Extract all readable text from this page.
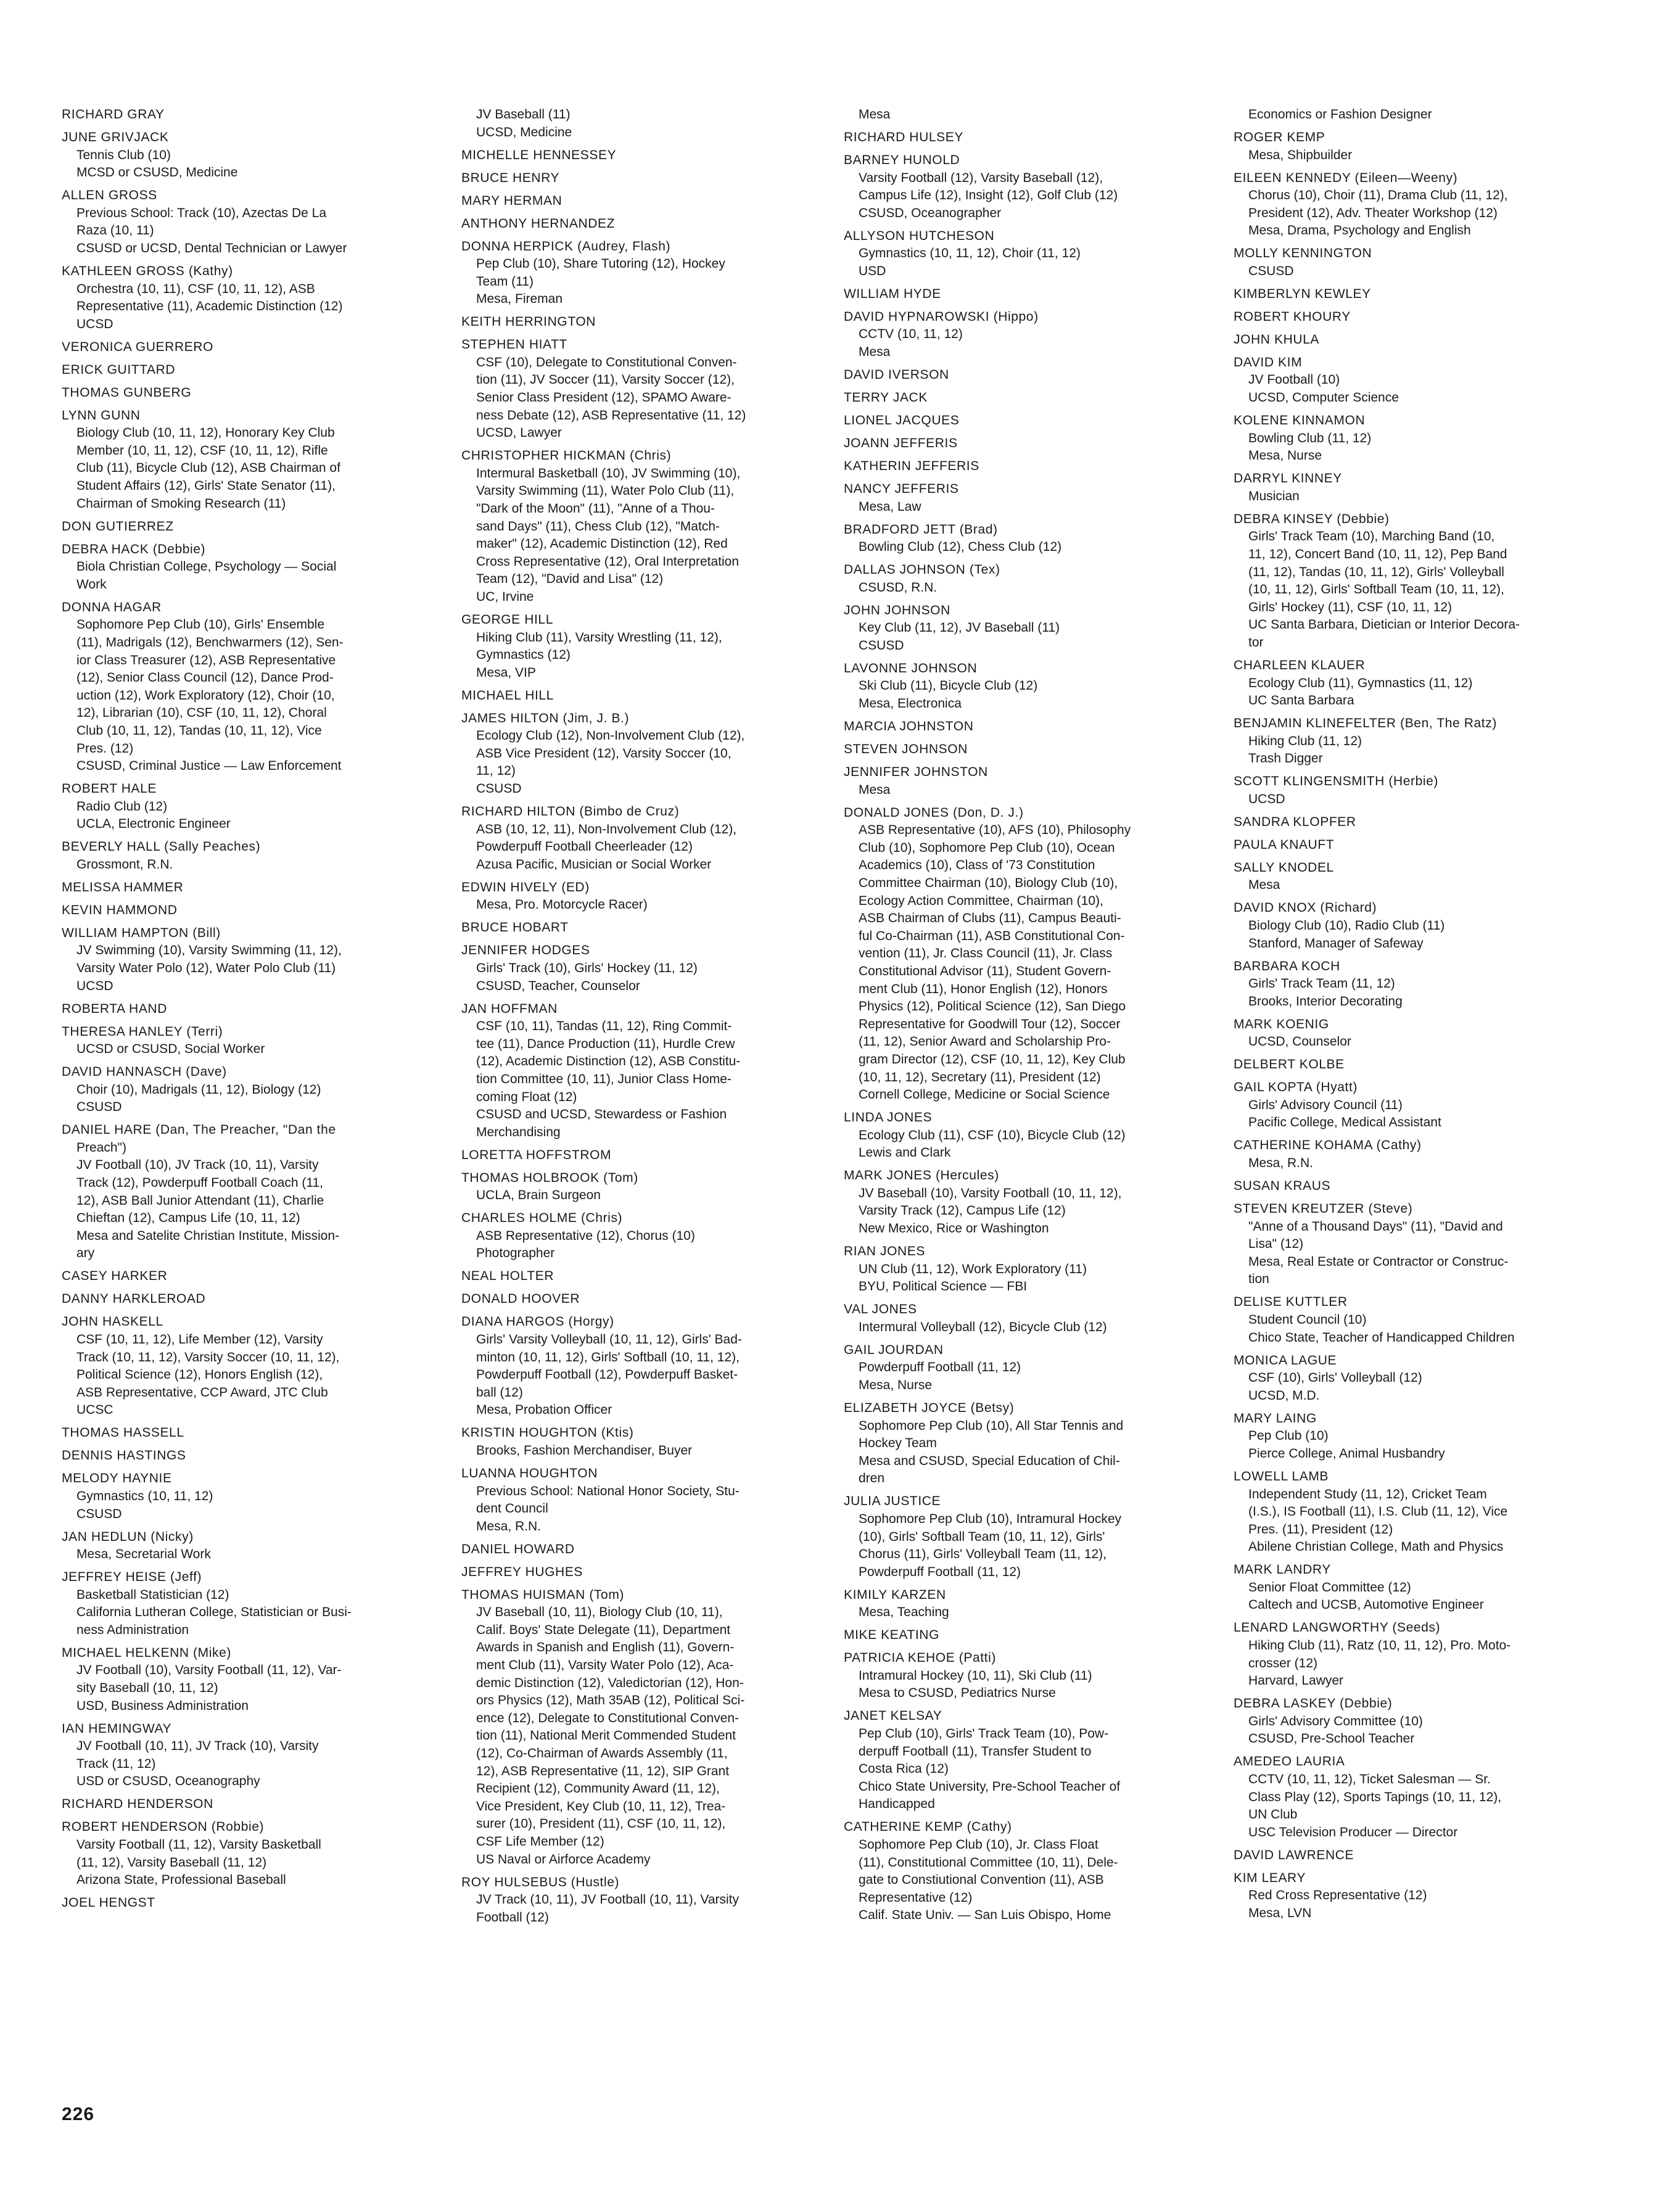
RICHARD GRAY
JUNE GRIVJACK
Tennis Club (10)
MCSD or CSUSD, Medicine
ALLEN GROSS
Previous School: Track (10), Azectas De La
Raza (10, 11)
CSUSD or UCSD, Dental Technician or Lawyer
KATHLEEN GROSS (Kathy)
Orchestra (10, 11), CSF (10, 11, 12), ASB
Representative (11), Academic Distinction (12)
UCSD
VERONICA GUERRERO
ERICK GUITTARD
THOMAS GUNBERG
LYNN GUNN
Biology Club (10, 11, 12), Honorary Key Club
Member (10, 11, 12), CSF (10, 11, 12), Rifle
Club (11), Bicycle Club (12), ASB Chairman of
Student Affairs (12), Girls' State Senator (11),
Chairman of Smoking Research (11)
DON GUTIERREZ
DEBRA HACK (Debbie)
Biola Christian College, Psychology — Social
Work
DONNA HAGAR
Sophomore Pep Club (10), Girls' Ensemble
(11), Madrigals (12), Benchwarmers (12), Sen-
ior Class Treasurer (12), ASB Representative
(12), Senior Class Council (12), Dance Prod-
uction (12), Work Exploratory (12), Choir (10,
12), Librarian (10), CSF (10, 11, 12), Choral
Club (10, 11, 12), Tandas (10, 11, 12), Vice
Pres. (12)
CSUSD, Criminal Justice — Law Enforcement
ROBERT HALE
Radio Club (12)
UCLA, Electronic Engineer
BEVERLY HALL (Sally Peaches)
Grossmont, R.N.
MELISSA HAMMER
KEVIN HAMMOND
WILLIAM HAMPTON (Bill)
JV Swimming (10), Varsity Swimming (11, 12),
Varsity Water Polo (12), Water Polo Club (11)
UCSD
ROBERTA HAND
THERESA HANLEY (Terri)
UCSD or CSUSD, Social Worker
DAVID HANNASCH (Dave)
Choir (10), Madrigals (11, 12), Biology (12)
CSUSD
DANIEL HARE (Dan, The Preacher, "Dan the
Preach")
JV Football (10), JV Track (10, 11), Varsity
Track (12), Powderpuff Football Coach (11,
12), ASB Ball Junior Attendant (11), Charlie
Chieftan (12), Campus Life (10, 11, 12)
Mesa and Satelite Christian Institute, Mission-
ary
CASEY HARKER
DANNY HARKLEROAD
JOHN HASKELL
CSF (10, 11, 12), Life Member (12), Varsity
Track (10, 11, 12), Varsity Soccer (10, 11, 12),
Political Science (12), Honors English (12),
ASB Representative, CCP Award, JTC Club
UCSC
THOMAS HASSELL
DENNIS HASTINGS
MELODY HAYNIE
Gymnastics (10, 11, 12)
CSUSD
JAN HEDLUN (Nicky)
Mesa, Secretarial Work
JEFFREY HEISE (Jeff)
Basketball Statistician (12)
California Lutheran College, Statistician or Busi-
ness Administration
MICHAEL HELKENN (Mike)
JV Football (10), Varsity Football (11, 12), Var-
sity Baseball (10, 11, 12)
USD, Business Administration
IAN HEMINGWAY
JV Football (10, 11), JV Track (10), Varsity
Track (11, 12)
USD or CSUSD, Oceanography
RICHARD HENDERSON
ROBERT HENDERSON (Robbie)
Varsity Football (11, 12), Varsity Basketball
(11, 12), Varsity Baseball (11, 12)
Arizona State, Professional Baseball
JOEL HENGST
JV Baseball (11)
UCSD, Medicine
MICHELLE HENNESSEY
BRUCE HENRY
MARY HERMAN
ANTHONY HERNANDEZ
DONNA HERPICK (Audrey, Flash)
Pep Club (10), Share Tutoring (12), Hockey
Team (11)
Mesa, Fireman
KEITH HERRINGTON
STEPHEN HIATT
CSF (10), Delegate to Constitutional Conven-
tion (11), JV Soccer (11), Varsity Soccer (12),
Senior Class President (12), SPAMO Aware-
ness Debate (12), ASB Representative (11, 12)
UCSD, Lawyer
CHRISTOPHER HICKMAN (Chris)
Intermural Basketball (10), JV Swimming (10),
Varsity Swimming (11), Water Polo Club (11),
"Dark of the Moon" (11), "Anne of a Thou-
sand Days" (11), Chess Club (12), "Match-
maker" (12), Academic Distinction (12), Red
Cross Representative (12), Oral Interpretation
Team (12), "David and Lisa" (12)
UC, Irvine
GEORGE HILL
Hiking Club (11), Varsity Wrestling (11, 12),
Gymnastics (12)
Mesa, VIP
MICHAEL HILL
JAMES HILTON (Jim, J. B.)
Ecology Club (12), Non-Involvement Club (12),
ASB Vice President (12), Varsity Soccer (10,
11, 12)
CSUSD
RICHARD HILTON (Bimbo de Cruz)
ASB (10, 12, 11), Non-Involvement Club (12),
Powderpuff Football Cheerleader (12)
Azusa Pacific, Musician or Social Worker
EDWIN HIVELY (ED)
Mesa, Pro. Motorcycle Racer)
BRUCE HOBART
JENNIFER HODGES
Girls' Track (10), Girls' Hockey (11, 12)
CSUSD, Teacher, Counselor
JAN HOFFMAN
CSF (10, 11), Tandas (11, 12), Ring Commit-
tee (11), Dance Production (11), Hurdle Crew
(12), Academic Distinction (12), ASB Constitu-
tion Committee (10, 11), Junior Class Home-
coming Float (12)
CSUSD and UCSD, Stewardess or Fashion
Merchandising
LORETTA HOFFSTROM
THOMAS HOLBROOK (Tom)
UCLA, Brain Surgeon
CHARLES HOLME (Chris)
ASB Representative (12), Chorus (10)
Photographer
NEAL HOLTER
DONALD HOOVER
DIANA HARGOS (Horgy)
Girls' Varsity Volleyball (10, 11, 12), Girls' Bad-
minton (10, 11, 12), Girls' Softball (10, 11, 12),
Powderpuff Football (12), Powderpuff Basket-
ball (12)
Mesa, Probation Officer
KRISTIN HOUGHTON (Ktis)
Brooks, Fashion Merchandiser, Buyer
LUANNA HOUGHTON
Previous School: National Honor Society, Stu-
dent Council
Mesa, R.N.
DANIEL HOWARD
JEFFREY HUGHES
THOMAS HUISMAN (Tom)
JV Baseball (10, 11), Biology Club (10, 11),
Calif. Boys' State Delegate (11), Department
Awards in Spanish and English (11), Govern-
ment Club (11), Varsity Water Polo (12), Aca-
demic Distinction (12), Valedictorian (12), Hon-
ors Physics (12), Math 35AB (12), Political Sci-
ence (12), Delegate to Constitutional Conven-
tion (11), National Merit Commended Student
(12), Co-Chairman of Awards Assembly (11,
12), ASB Representative (11, 12), SIP Grant
Recipient (12), Community Award (11, 12),
Vice President, Key Club (10, 11, 12), Trea-
surer (10), President (11), CSF (10, 11, 12),
CSF Life Member (12)
US Naval or Airforce Academy
ROY HULSEBUS (Hustle)
JV Track (10, 11), JV Football (10, 11), Varsity
Football (12)
Mesa
RICHARD HULSEY
BARNEY HUNOLD
Varsity Football (12), Varsity Baseball (12),
Campus Life (12), Insight (12), Golf Club (12)
CSUSD, Oceanographer
ALLYSON HUTCHESON
Gymnastics (10, 11, 12), Choir (11, 12)
USD
WILLIAM HYDE
DAVID HYPNAROWSKI (Hippo)
CCTV (10, 11, 12)
Mesa
DAVID IVERSON
TERRY JACK
LIONEL JACQUES
JOANN JEFFERIS
KATHERIN JEFFERIS
NANCY JEFFERIS
Mesa, Law
BRADFORD JETT (Brad)
Bowling Club (12), Chess Club (12)
DALLAS JOHNSON (Tex)
CSUSD, R.N.
JOHN JOHNSON
Key Club (11, 12), JV Baseball (11)
CSUSD
LAVONNE JOHNSON
Ski Club (11), Bicycle Club (12)
Mesa, Electronica
MARCIA JOHNSTON
STEVEN JOHNSON
JENNIFER JOHNSTON
Mesa
DONALD JONES (Don, D. J.)
ASB Representative (10), AFS (10), Philosophy
Club (10), Sophomore Pep Club (10), Ocean
Academics (10), Class of '73 Constitution
Committee Chairman (10), Biology Club (10),
Ecology Action Committee, Chairman (10),
ASB Chairman of Clubs (11), Campus Beauti-
ful Co-Chairman (11), ASB Constitutional Con-
vention (11), Jr. Class Council (11), Jr. Class
Constitutional Advisor (11), Student Govern-
ment Club (11), Honor English (12), Honors
Physics (12), Political Science (12), San Diego
Representative for Goodwill Tour (12), Soccer
(11, 12), Senior Award and Scholarship Pro-
gram Director (12), CSF (10, 11, 12), Key Club
(10, 11, 12), Secretary (11), President (12)
Cornell College, Medicine or Social Science
LINDA JONES
Ecology Club (11), CSF (10), Bicycle Club (12)
Lewis and Clark
MARK JONES (Hercules)
JV Baseball (10), Varsity Football (10, 11, 12),
Varsity Track (12), Campus Life (12)
New Mexico, Rice or Washington
RIAN JONES
UN Club (11, 12), Work Exploratory (11)
BYU, Political Science — FBI
VAL JONES
Intermural Volleyball (12), Bicycle Club (12)
GAIL JOURDAN
Powderpuff Football (11, 12)
Mesa, Nurse
ELIZABETH JOYCE (Betsy)
Sophomore Pep Club (10), All Star Tennis and
Hockey Team
Mesa and CSUSD, Special Education of Chil-
dren
JULIA JUSTICE
Sophomore Pep Club (10), Intramural Hockey
(10), Girls' Softball Team (10, 11, 12), Girls'
Chorus (11), Girls' Volleyball Team (11, 12),
Powderpuff Football (11, 12)
KIMILY KARZEN
Mesa, Teaching
MIKE KEATING
PATRICIA KEHOE (Patti)
Intramural Hockey (10, 11), Ski Club (11)
Mesa to CSUSD, Pediatrics Nurse
JANET KELSAY
Pep Club (10), Girls' Track Team (10), Pow-
derpuff Football (11), Transfer Student to
Costa Rica (12)
Chico State University, Pre-School Teacher of
Handicapped
CATHERINE KEMP (Cathy)
Sophomore Pep Club (10), Jr. Class Float
(11), Constitutional Committee (10, 11), Dele-
gate to Constiutional Convention (11), ASB
Representative (12)
Calif. State Univ. — San Luis Obispo, Home
Economics or Fashion Designer
ROGER KEMP
Mesa, Shipbuilder
EILEEN KENNEDY (Eileen—Weeny)
Chorus (10), Choir (11), Drama Club (11, 12),
President (12), Adv. Theater Workshop (12)
Mesa, Drama, Psychology and English
MOLLY KENNINGTON
CSUSD
KIMBERLYN KEWLEY
ROBERT KHOURY
JOHN KHULA
DAVID KIM
JV Football (10)
UCSD, Computer Science
KOLENE KINNAMON
Bowling Club (11, 12)
Mesa, Nurse
DARRYL KINNEY
Musician
DEBRA KINSEY (Debbie)
Girls' Track Team (10), Marching Band (10,
11, 12), Concert Band (10, 11, 12), Pep Band
(11, 12), Tandas (10, 11, 12), Girls' Volleyball
(10, 11, 12), Girls' Softball Team (10, 11, 12),
Girls' Hockey (11), CSF (10, 11, 12)
UC Santa Barbara, Dietician or Interior Decora-
tor
CHARLEEN KLAUER
Ecology Club (11), Gymnastics (11, 12)
UC Santa Barbara
BENJAMIN KLINEFELTER (Ben, The Ratz)
Hiking Club (11, 12)
Trash Digger
SCOTT KLINGENSMITH (Herbie)
UCSD
SANDRA KLOPFER
PAULA KNAUFT
SALLY KNODEL
Mesa
DAVID KNOX (Richard)
Biology Club (10), Radio Club (11)
Stanford, Manager of Safeway
BARBARA KOCH
Girls' Track Team (11, 12)
Brooks, Interior Decorating
MARK KOENIG
UCSD, Counselor
DELBERT KOLBE
GAIL KOPTA (Hyatt)
Girls' Advisory Council (11)
Pacific College, Medical Assistant
CATHERINE KOHAMA (Cathy)
Mesa, R.N.
SUSAN KRAUS
STEVEN KREUTZER (Steve)
"Anne of a Thousand Days" (11), "David and
Lisa" (12)
Mesa, Real Estate or Contractor or Construc-
tion
DELISE KUTTLER
Student Council (10)
Chico State, Teacher of Handicapped Children
MONICA LAGUE
CSF (10), Girls' Volleyball (12)
UCSD, M.D.
MARY LAING
Pep Club (10)
Pierce College, Animal Husbandry
LOWELL LAMB
Independent Study (11, 12), Cricket Team
(I.S.), IS Football (11), I.S. Club (11, 12), Vice
Pres. (11), President (12)
Abilene Christian College, Math and Physics
MARK LANDRY
Senior Float Committee (12)
Caltech and UCSB, Automotive Engineer
LENARD LANGWORTHY (Seeds)
Hiking Club (11), Ratz (10, 11, 12), Pro. Moto-
crosser (12)
Harvard, Lawyer
DEBRA LASKEY (Debbie)
Girls' Advisory Committee (10)
CSUSD, Pre-School Teacher
AMEDEO LAURIA
CCTV (10, 11, 12), Ticket Salesman — Sr.
Class Play (12), Sports Tapings (10, 11, 12),
UN Club
USC Television Producer — Director
DAVID LAWRENCE
KIM LEARY
Red Cross Representative (12)
Mesa, LVN
226
